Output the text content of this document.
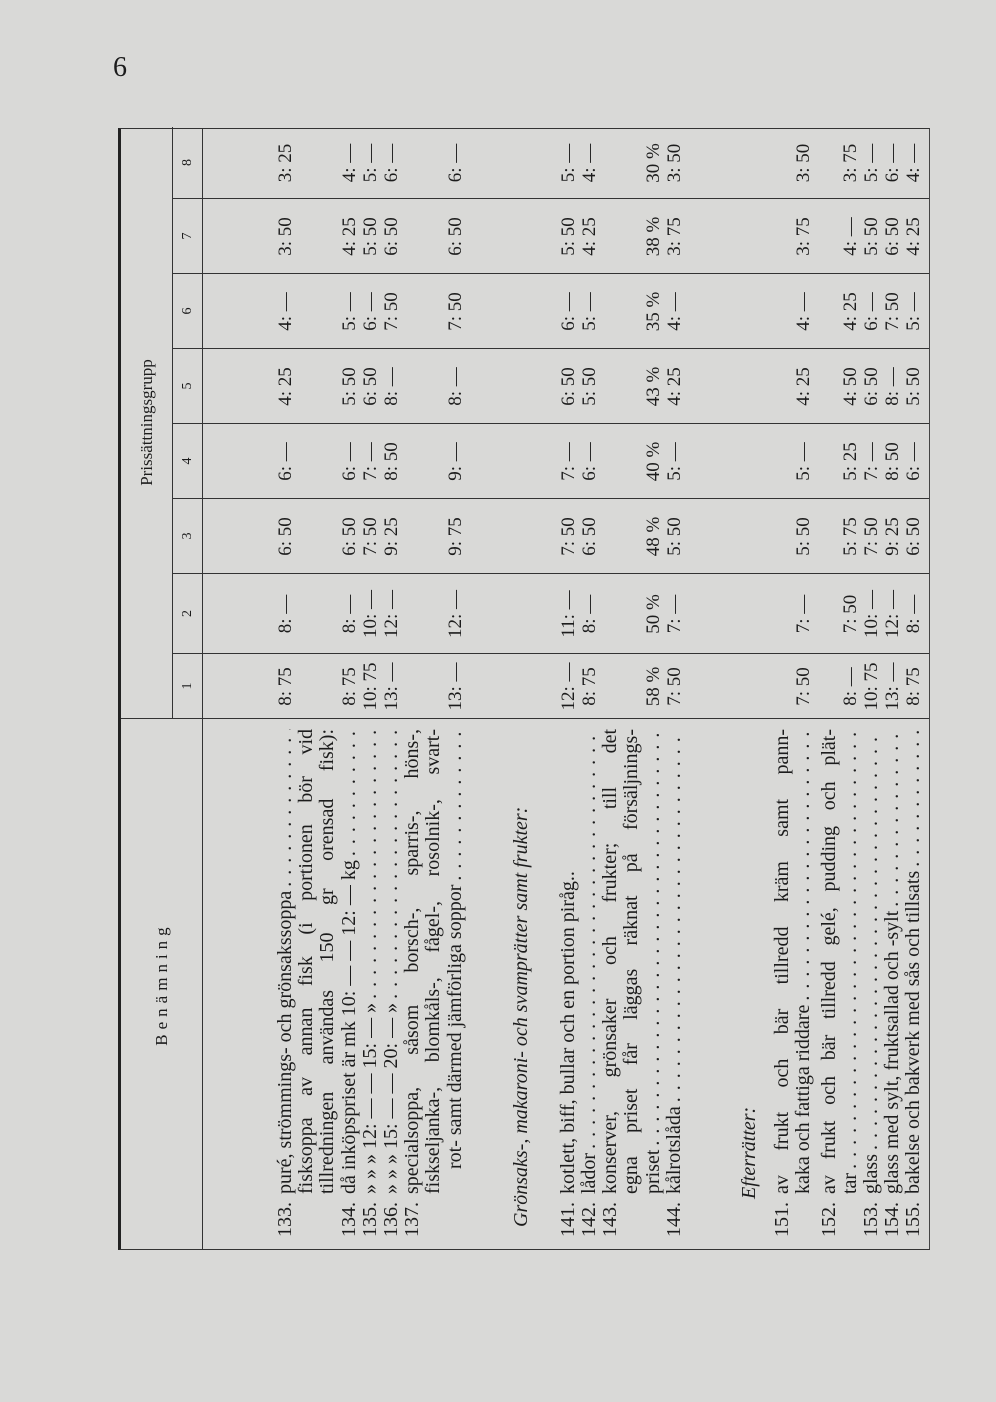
6
Benämning
Prissättningsgrupp
1
2
3
4
5
6
7
8
133.
puré, strömmings- och grönsakssoppa . . . fisksoppa av annan fisk (i portionen bör vid tillredningen användas 150 gr orensad fisk):
8: 75
8: —
6: 50
6: —
4: 25
4: —
3: 50
3: 25
134.
då inköpspriset är mk 10: — — 12: — kg
. . .
8: 75
8: —
6: 50
6: —
5: 50
5: —
4: 25
4: —
135.
» » » 12: — — 15: — »
. . .
10: 75
10: —
7: 50
7: —
6: 50
6: —
5: 50
5: —
136.
» » » 15: — — 20: — »
. . .
13: —
12: —
9: 25
8: 50
8: —
7: 50
6: 50
6: —
137.
specialsoppa, såsom borsch-, sparris-, höns-, fiskseljanka-, blomkåls-, fågel-, rosolnik-, svart- rot- samt därmed jämförliga soppor
. . .
13: —
12: —
9: 75
9: —
8: —
7: 50
6: 50
6: —
Grönsaks-, makaroni- och svamprätter samt frukter: 141.
kotlett, biff, bullar och en portion piråg..
12: —
11: —
7: 50
7: —
6: 50
6: —
5: 50
5: —
142.
lådor
. . .
8: 75
8: —
6: 50
6: —
5: 50
5: —
4: 25
4: —
143.
konserver, grönsaker och frukter; till det egna priset får läggas räknat på försäljnings- priset
. . .
58 %
50 %
48 %
40 %
43 %
35 %
38 %
30 %
144.
kålrotslåda
. . .
7: 50
7: —
5: 50
5: —
4: 25
4: —
3: 75
3: 50
Efterrätter:
151.
av frukt och bär tillredd kräm samt pann- kaka och fattiga riddare
. . .
7: 50
7: —
5: 50
5: —
4: 25
4: —
3: 75
3: 50
152.
av frukt och bär tillredd gelé, pudding och plät- tar
. . .
8: —
7: 50
5: 75
5: 25
4: 50
4: 25
4: —
3: 75
153.
glass
. . .
10: 75
10: —
7: 50
7: —
6: 50
6: —
5: 50
5: —
154.
glass med sylt, fruktsallad och -sylt
. . .
13: —
12: —
9: 25
8: 50
8: —
7: 50
6: 50
6: —
155.
bakelse och bakverk med sås och tillsats
. . .
8: 75
8: —
6: 50
6: —
5: 50
5: —
4: 25
4: —
